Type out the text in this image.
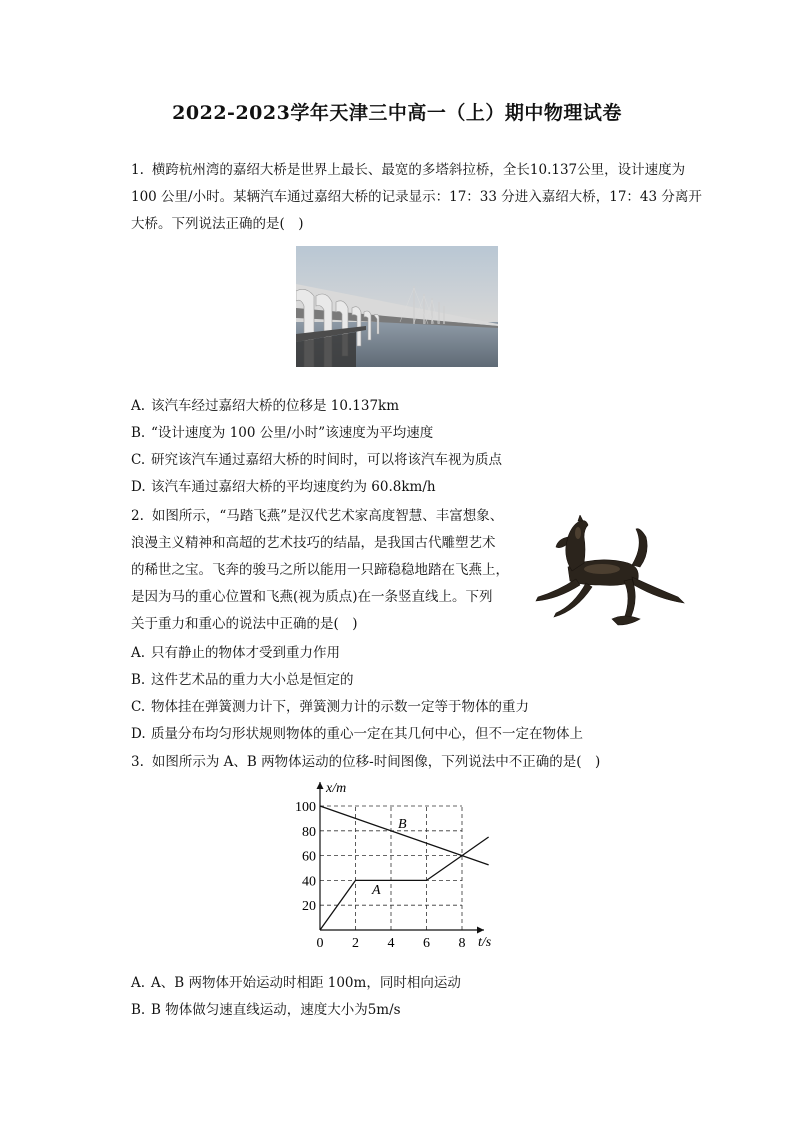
2022-2023学年天津三中高一（上）期中物理试卷
1. 横跨杭州湾的嘉绍大桥是世界上最长、最宽的多塔斜拉桥，全长10.137公里，设计速度为
100 公里/小时。某辆汽车通过嘉绍大桥的记录显示：17：33 分进入嘉绍大桥，17：43 分离开
大桥。下列说法正确的是(　)
A. 该汽车经过嘉绍大桥的位移是 10.137km
B. “设计速度为 100 公里/小时”该速度为平均速度
C. 研究该汽车通过嘉绍大桥的时间时，可以将该汽车视为质点
D. 该汽车通过嘉绍大桥的平均速度约为 60.8km/h
2. 如图所示，“马踏飞燕”是汉代艺术家高度智慧、丰富想象、
浪漫主义精神和高超的艺术技巧的结晶，是我国古代雕塑艺术
的稀世之宝。飞奔的骏马之所以能用一只蹄稳稳地踏在飞燕上，
是因为马的重心位置和飞燕(视为质点)在一条竖直线上。下列
关于重力和重心的说法中正确的是(　)
A. 只有静止的物体才受到重力作用
B. 这件艺术品的重力大小总是恒定的
C. 物体挂在弹簧测力计下，弹簧测力计的示数一定等于物体的重力
D. 质量分布均匀形状规则物体的重心一定在其几何中心，但不一定在物体上
3. 如图所示为 A、B 两物体运动的位移-时间图像，下列说法中不正确的是(　)
20
40
60
80
100
0 2 4 6 8
x/m
t/s
B
A
A. A、B 两物体开始运动时相距 100m，同时相向运动
B. B 物体做匀速直线运动，速度大小为5m/s
